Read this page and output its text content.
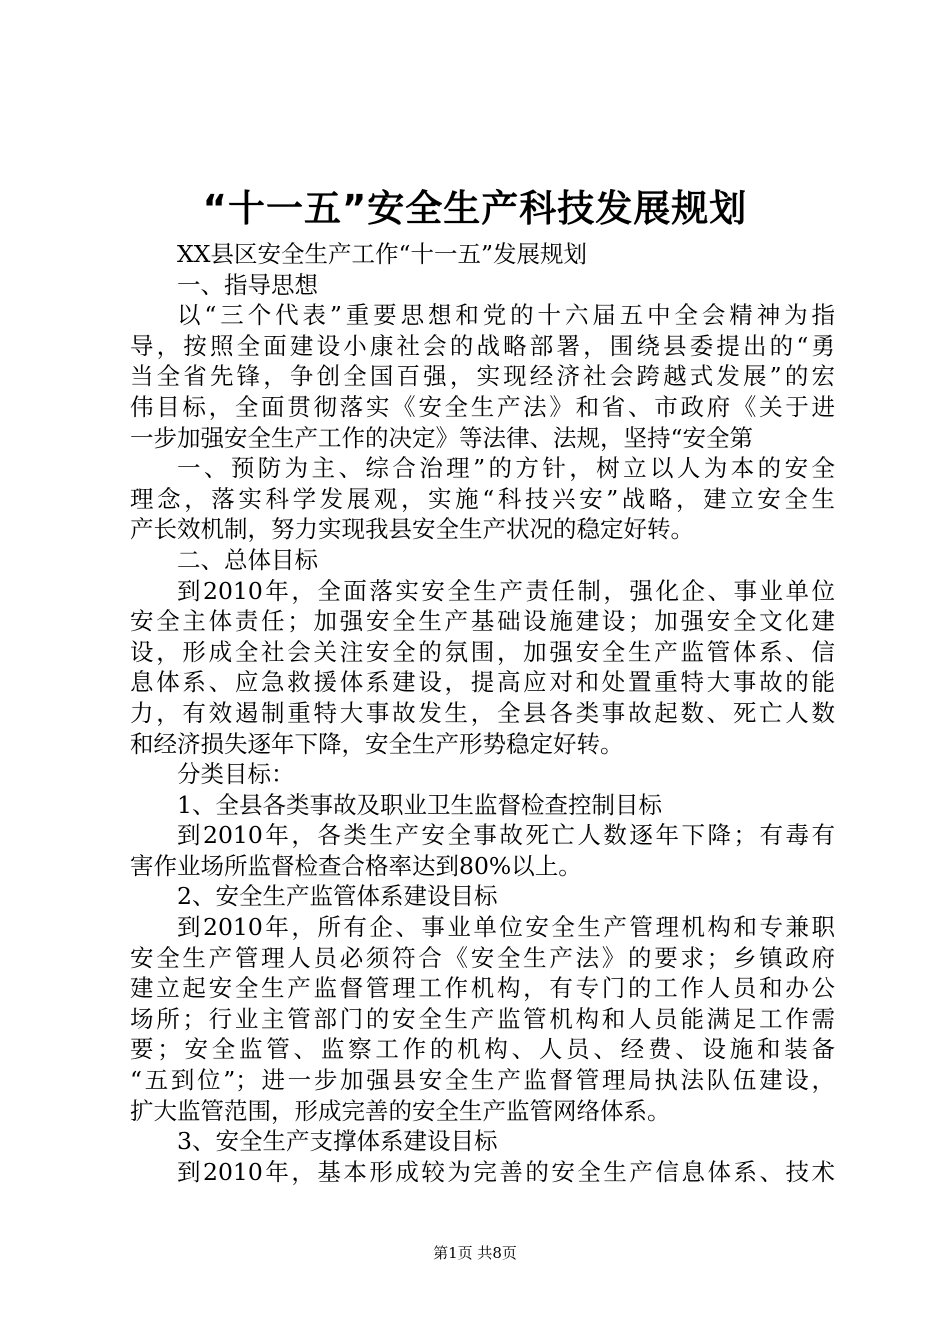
“十一五”安全生产科技发展规划
XX县区安全生产工作“十一五”发展规划
一、指导思想
以“三个代表”重要思想和党的十六届五中全会精神为指
导，按照全面建设小康社会的战略部署，围绕县委提出的“勇
当全省先锋，争创全国百强，实现经济社会跨越式发展”的宏
伟目标，全面贯彻落实《安全生产法》和省、市政府《关于进
一步加强安全生产工作的决定》等法律、法规，坚持“安全第
一、预防为主、综合治理”的方针，树立以人为本的安全
理念，落实科学发展观，实施“科技兴安”战略，建立安全生
产长效机制，努力实现我县安全生产状况的稳定好转。
二、总体目标
到2010年，全面落实安全生产责任制，强化企、事业单位
安全主体责任；加强安全生产基础设施建设；加强安全文化建
设，形成全社会关注安全的氛围，加强安全生产监管体系、信
息体系、应急救援体系建设，提高应对和处置重特大事故的能
力，有效遏制重特大事故发生，全县各类事故起数、死亡人数
和经济损失逐年下降，安全生产形势稳定好转。
分类目标：
1、全县各类事故及职业卫生监督检查控制目标
到2010年，各类生产安全事故死亡人数逐年下降；有毒有
害作业场所监督检查合格率达到80%以上。
2、安全生产监管体系建设目标
到2010年，所有企、事业单位安全生产管理机构和专兼职
安全生产管理人员必须符合《安全生产法》的要求；乡镇政府
建立起安全生产监督管理工作机构，有专门的工作人员和办公
场所；行业主管部门的安全生产监管机构和人员能满足工作需
要；安全监管、监察工作的机构、人员、经费、设施和装备
“五到位”；进一步加强县安全生产监督管理局执法队伍建设，
扩大监管范围，形成完善的安全生产监管网络体系。
3、安全生产支撑体系建设目标
到2010年，基本形成较为完善的安全生产信息体系、技术
第1页 共8页
